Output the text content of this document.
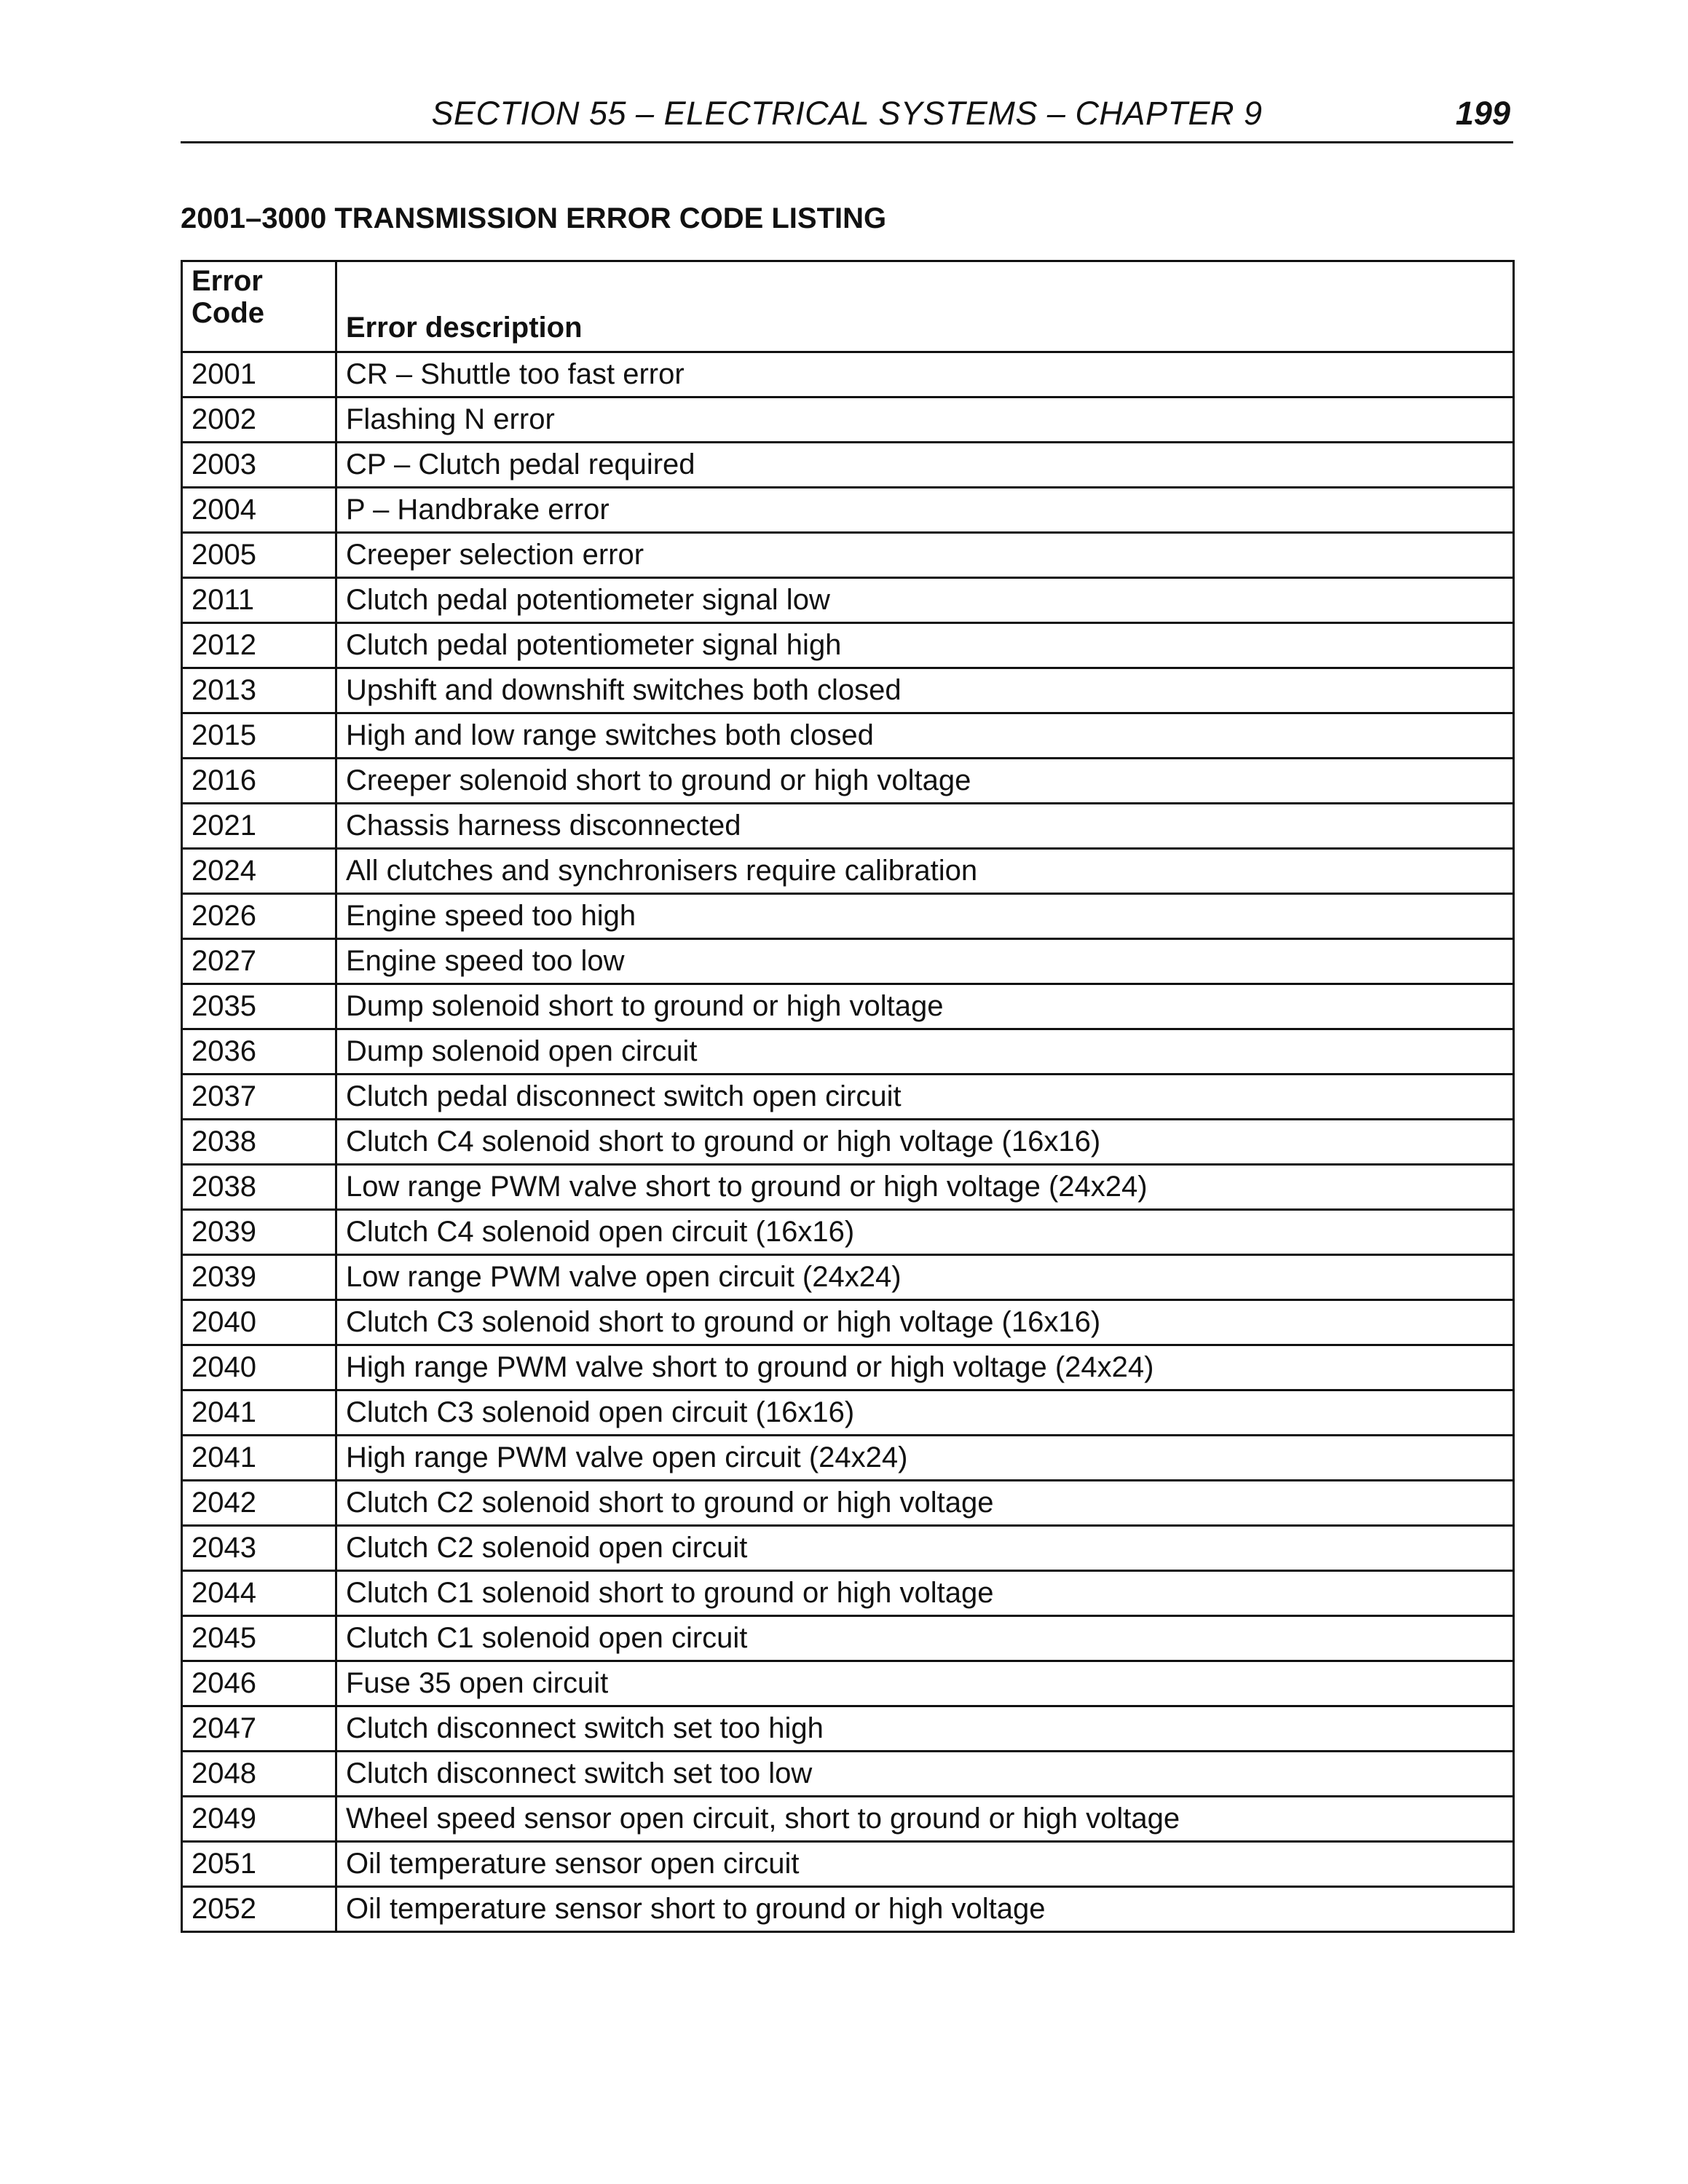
SECTION 55 – ELECTRICAL SYSTEMS – CHAPTER 9	199
2001–3000 TRANSMISSION ERROR CODE LISTING
Error
Code	Error description
2001	CR – Shuttle too fast error
2002	Flashing N error
2003	CP – Clutch pedal required
2004	P – Handbrake error
2005	Creeper selection error
2011	Clutch pedal potentiometer signal low
2012	Clutch pedal potentiometer signal high
2013	Upshift and downshift switches both closed
2015	High and low range switches both closed
2016	Creeper solenoid short to ground or high voltage
2021	Chassis harness disconnected
2024	All clutches and synchronisers require calibration
2026	Engine speed too high
2027	Engine speed too low
2035	Dump solenoid short to ground or high voltage
2036	Dump solenoid open circuit
2037	Clutch pedal disconnect switch open circuit
2038	Clutch C4 solenoid short to ground or high voltage (16x16)
2038	Low range PWM valve short to ground or high voltage (24x24)
2039	Clutch C4 solenoid open circuit (16x16)
2039	Low range PWM valve open circuit (24x24)
2040	Clutch C3 solenoid short to ground or high voltage (16x16)
2040	High range PWM valve short to ground or high voltage (24x24)
2041	Clutch C3 solenoid open circuit (16x16)
2041	High range PWM valve open circuit (24x24)
2042	Clutch C2 solenoid short to ground or high voltage
2043	Clutch C2 solenoid open circuit
2044	Clutch C1 solenoid short to ground or high voltage
2045	Clutch C1 solenoid open circuit
2046	Fuse 35 open circuit
2047	Clutch disconnect switch set too high
2048	Clutch disconnect switch set too low
2049	Wheel speed sensor open circuit, short to ground or high voltage
2051	Oil temperature sensor open circuit
2052	Oil temperature sensor short to ground or high voltage
